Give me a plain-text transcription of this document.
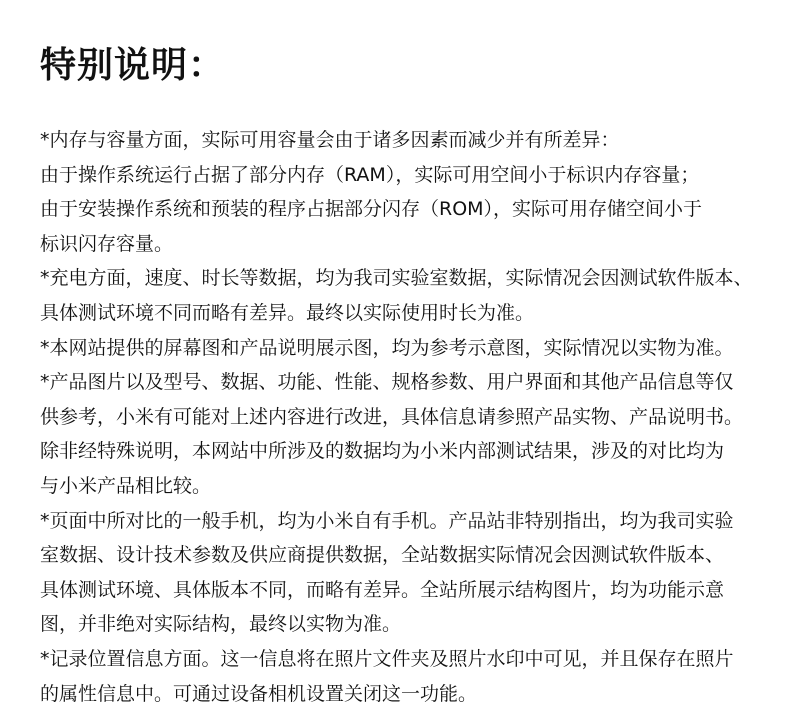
特别说明：
*内存与容量方面，实际可用容量会由于诸多因素而减少并有所差异：
由于操作系统运行占据了部分内存（RAM），实际可用空间小于标识内存容量；
由于安装操作系统和预装的程序占据部分闪存（ROM），实际可用存储空间小于
标识闪存容量。
*充电方面，速度、时长等数据，均为我司实验室数据，实际情况会因测试软件版本、
具体测试环境不同而略有差异。最终以实际使用时长为准。
*本网站提供的屏幕图和产品说明展示图，均为参考示意图，实际情况以实物为准。
*产品图片以及型号、数据、功能、性能、规格参数、用户界面和其他产品信息等仅
供参考，小米有可能对上述内容进行改进，具体信息请参照产品实物、产品说明书。
除非经特殊说明，本网站中所涉及的数据均为小米内部测试结果，涉及的对比均为
与小米产品相比较。
*页面中所对比的一般手机，均为小米自有手机。产品站非特别指出，均为我司实验
室数据、设计技术参数及供应商提供数据，全站数据实际情况会因测试软件版本、
具体测试环境、具体版本不同，而略有差异。全站所展示结构图片，均为功能示意
图，并非绝对实际结构，最终以实物为准。
*记录位置信息方面。这一信息将在照片文件夹及照片水印中可见，并且保存在照片
的属性信息中。可通过设备相机设置关闭这一功能。
